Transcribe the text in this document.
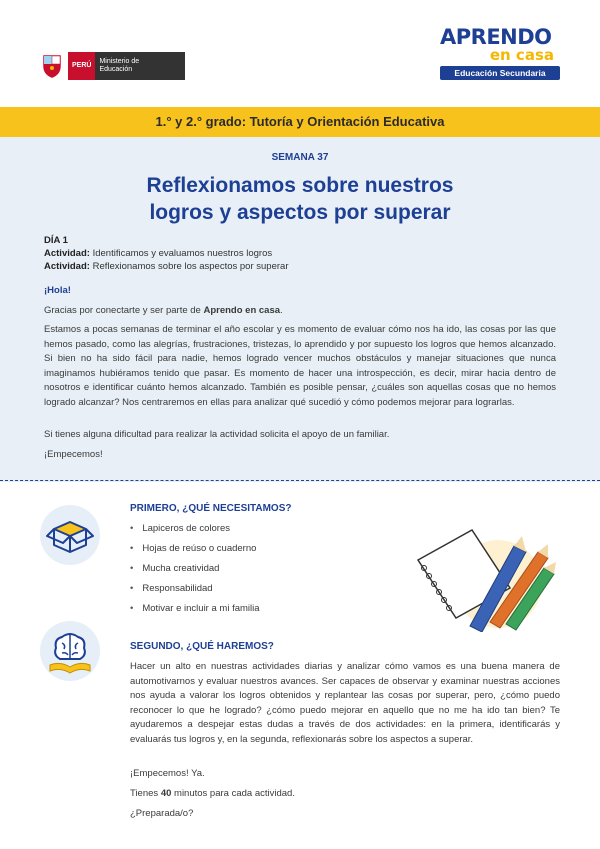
PERÚ
Ministerio de Educación
APRENDO
en casa
Educación Secundaria
1.° y 2.° grado: Tutoría y Orientación Educativa
SEMANA 37
Reflexionamos sobre nuestros
logros y aspectos por superar
DÍA 1
Actividad: Identificamos y evaluamos nuestros logros
Actividad: Reflexionamos sobre los aspectos por superar
¡Hola!
Gracias por conectarte y ser parte de Aprendo en casa.
Estamos a pocas semanas de terminar el año escolar y es momento de evaluar cómo nos ha ido, las cosas por las que hemos pasado, como las alegrías, frustraciones, tristezas, lo aprendido y por supuesto los logros que hemos alcanzado. Si bien no ha sido fácil para nadie, hemos logrado vencer muchos obstáculos y manejar situaciones que nunca imaginamos hubiéramos tenido que pasar. Es momento de hacer una introspección, es decir, mirar hacia dentro de nosotros e identificar cuánto hemos alcanzado. También es posible pensar, ¿cuáles son aquellas cosas que no hemos logrado alcanzar? Nos centraremos en ellas para analizar qué sucedió y cómo podemos mejorar para lograrlas.
Si tienes alguna dificultad para realizar la actividad solicita el apoyo de un familiar.
¡Empecemos!
PRIMERO, ¿QUÉ NECESITAMOS?
• Lapiceros de colores
• Hojas de reúso o cuaderno
• Mucha creatividad
• Responsabilidad
• Motivar e incluir a mi familia
SEGUNDO, ¿QUÉ HAREMOS?
Hacer un alto en nuestras actividades diarias y analizar cómo vamos es una buena manera de automotivarnos y evaluar nuestros avances. Ser capaces de observar y examinar nuestras acciones nos ayuda a valorar los logros obtenidos y replantear las cosas por superar, pero, ¿cómo puedo reconocer lo que he logrado? ¿cómo puedo mejorar en aquello que no me ha ido tan bien? Te ayudaremos a despejar estas dudas a través de dos actividades: en la primera, identificarás y evaluarás tus logros y, en la segunda, reflexionarás sobre los aspectos a superar.
¡Empecemos! Ya.
Tienes 40 minutos para cada actividad.
¿Preparada/o?
